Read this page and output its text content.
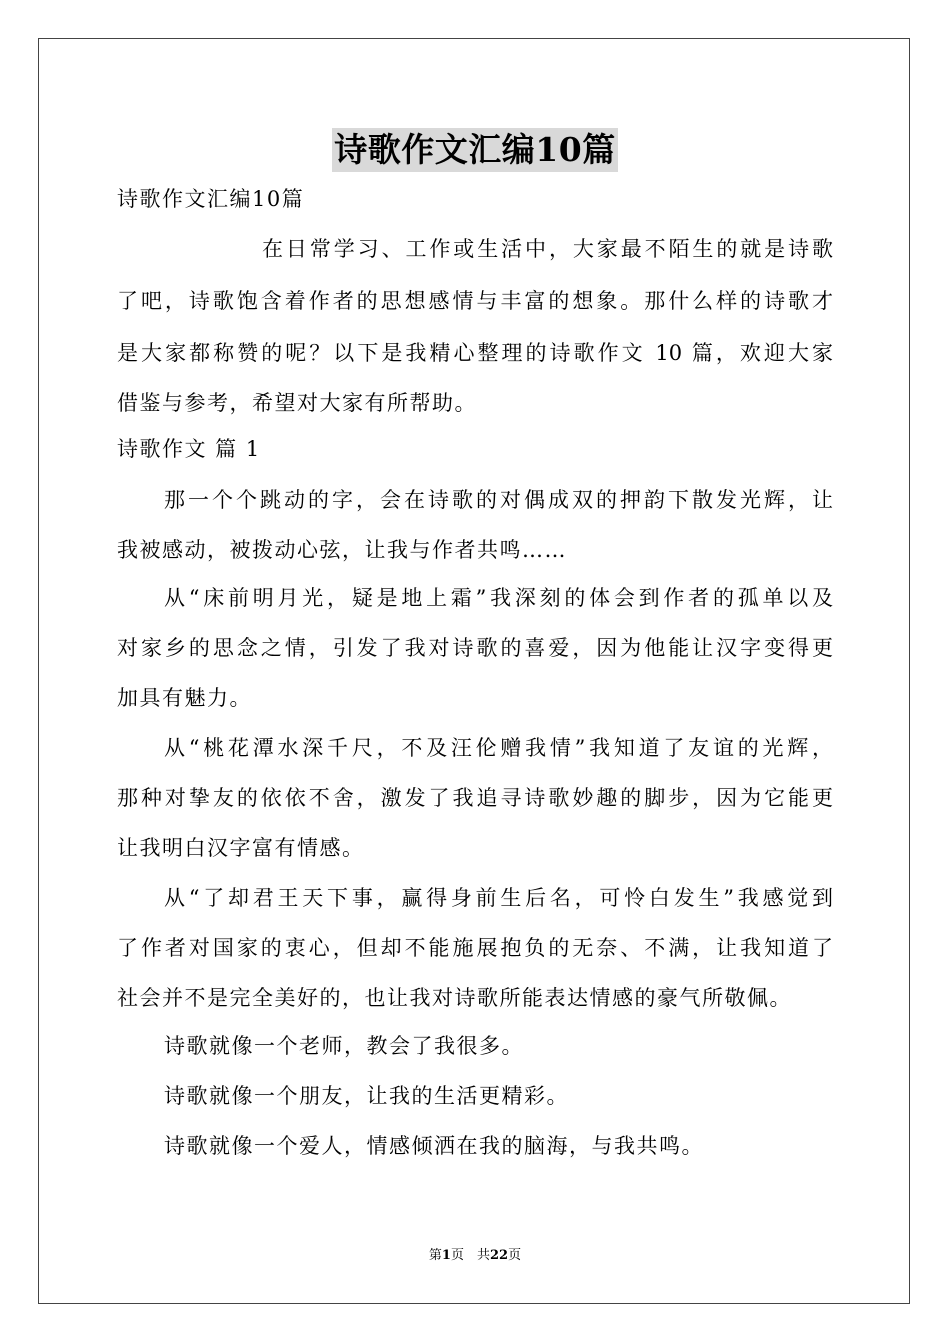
诗歌作文汇编10篇
诗歌作文汇编10篇
在日常学习、工作或生活中，大家最不陌生的就是诗歌
了吧，诗歌饱含着作者的思想感情与丰富的想象。那什么样的诗歌才
是大家都称赞的呢？以下是我精心整理的诗歌作文 10 篇，欢迎大家
借鉴与参考，希望对大家有所帮助。
诗歌作文 篇 1
那一个个跳动的字，会在诗歌的对偶成双的押韵下散发光辉，让
我被感动，被拨动心弦，让我与作者共鸣……
从“床前明月光，疑是地上霜”我深刻的体会到作者的孤单以及
对家乡的思念之情，引发了我对诗歌的喜爱，因为他能让汉字变得更
加具有魅力。
从“桃花潭水深千尺，不及汪伦赠我情”我知道了友谊的光辉，
那种对挚友的依依不舍，激发了我追寻诗歌妙趣的脚步，因为它能更
让我明白汉字富有情感。
从“了却君王天下事，赢得身前生后名，可怜白发生”我感觉到
了作者对国家的衷心，但却不能施展抱负的无奈、不满，让我知道了
社会并不是完全美好的，也让我对诗歌所能表达情感的豪气所敬佩。
诗歌就像一个老师，教会了我很多。
诗歌就像一个朋友，让我的生活更精彩。
诗歌就像一个爱人，情感倾洒在我的脑海，与我共鸣。
第1页　共22页
